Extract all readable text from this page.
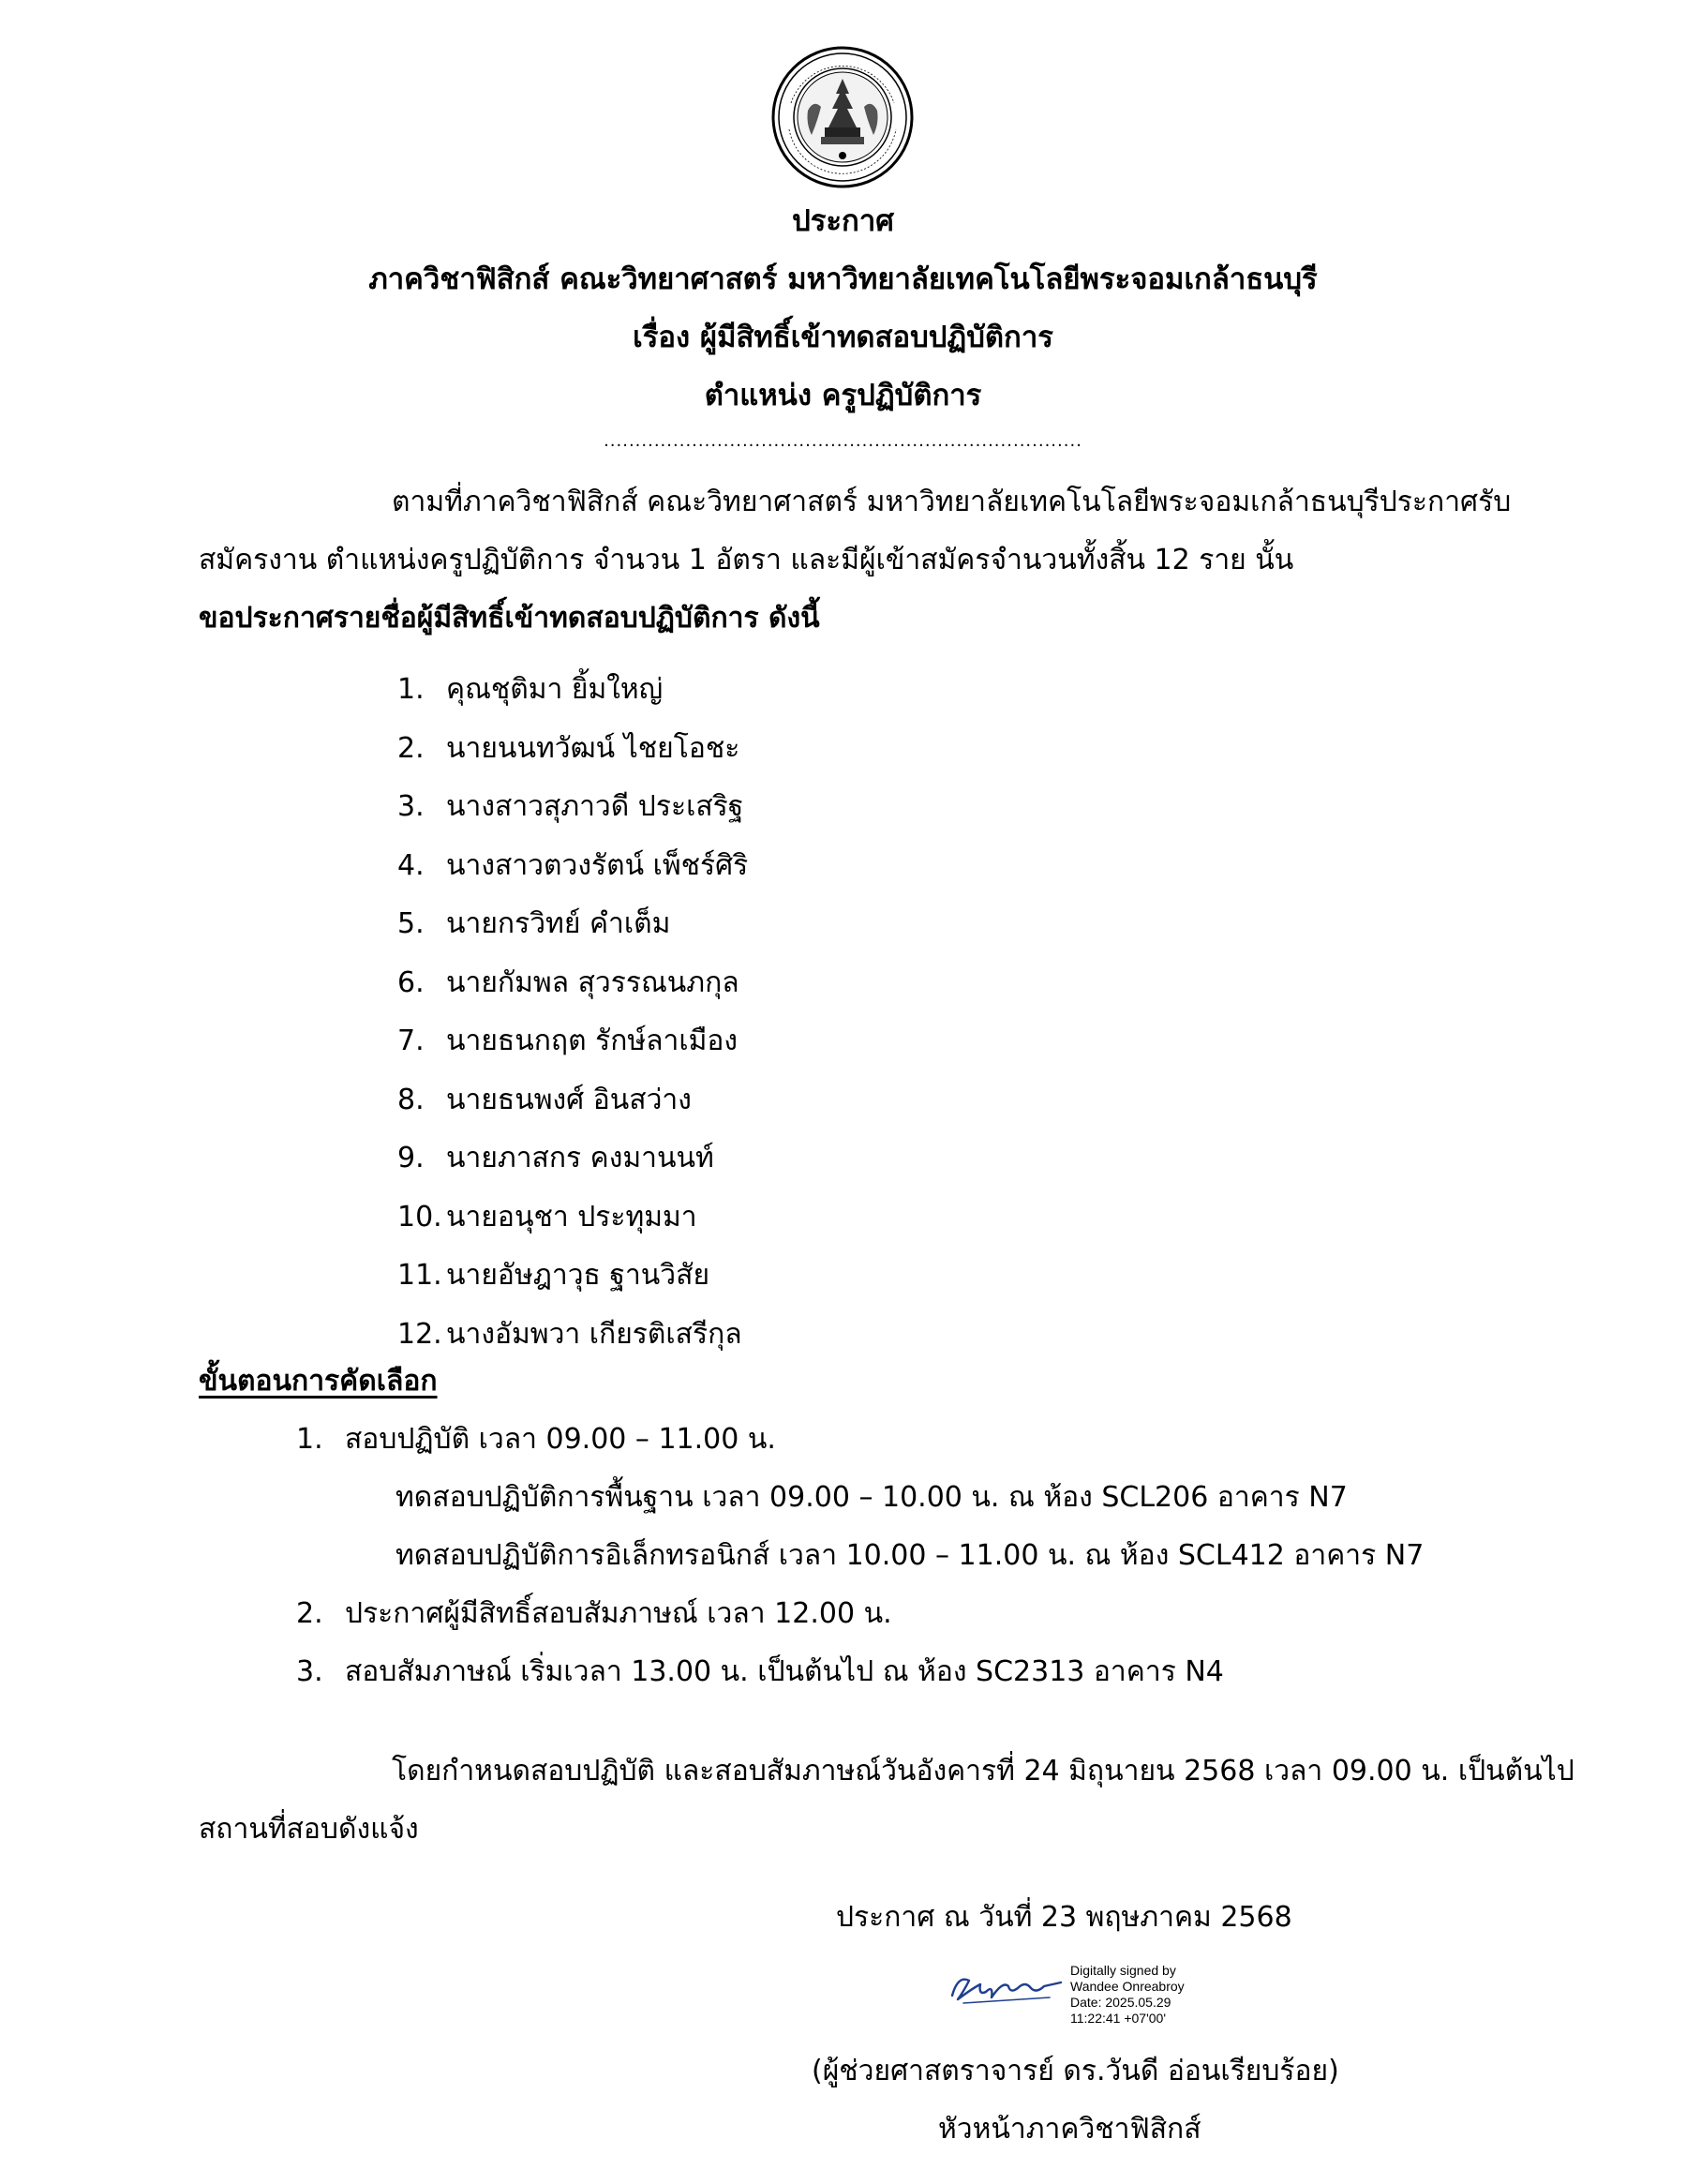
ประกาศ
ภาควิชาฟิสิกส์ คณะวิทยาศาสตร์ มหาวิทยาลัยเทคโนโลยีพระจอมเกล้าธนบุรี
เรื่อง ผู้มีสิทธิ์เข้าทดสอบปฏิบัติการ
ตำแหน่ง ครูปฏิบัติการ
............................................................................
ตามที่ภาควิชาฟิสิกส์ คณะวิทยาศาสตร์ มหาวิทยาลัยเทคโนโลยีพระจอมเกล้าธนบุรีประกาศรับ
สมัครงาน ตำแหน่งครูปฏิบัติการ จำนวน 1 อัตรา และมีผู้เข้าสมัครจำนวนทั้งสิ้น 12 ราย นั้น
ขอประกาศรายชื่อผู้มีสิทธิ์เข้าทดสอบปฏิบัติการ ดังนี้
1. คุณชุติมา ยิ้มใหญ่
2. นายนนทวัฒน์ ไชยโอชะ
3. นางสาวสุภาวดี ประเสริฐ
4. นางสาวตวงรัตน์ เพ็ชร์ศิริ
5. นายกรวิทย์ คำเต็ม
6. นายกัมพล สุวรรณนภกุล
7. นายธนกฤต รักษ์ลาเมือง
8. นายธนพงศ์ อินสว่าง
9. นายภาสกร คงมานนท์
10. นายอนุชา ประทุมมา
11. นายอัษฎาวุธ ฐานวิสัย
12. นางอัมพวา เกียรติเสรีกุล
ขั้นตอนการคัดเลือก
1. สอบปฏิบัติ เวลา 09.00 – 11.00 น.
ทดสอบปฏิบัติการพื้นฐาน เวลา 09.00 – 10.00 น. ณ ห้อง SCL206 อาคาร N7
ทดสอบปฏิบัติการอิเล็กทรอนิกส์ เวลา 10.00 – 11.00 น. ณ ห้อง SCL412 อาคาร N7
2. ประกาศผู้มีสิทธิ์สอบสัมภาษณ์ เวลา 12.00 น.
3. สอบสัมภาษณ์ เริ่มเวลา 13.00 น. เป็นต้นไป ณ ห้อง SC2313 อาคาร N4
โดยกำหนดสอบปฏิบัติ และสอบสัมภาษณ์วันอังคารที่ 24 มิถุนายน 2568 เวลา 09.00 น. เป็นต้นไป
สถานที่สอบดังแจ้ง
ประกาศ ณ วันที่ 23 พฤษภาคม 2568
Digitally signed by
Wandee Onreabroy
Date: 2025.05.29
11:22:41 +07'00'
(ผู้ช่วยศาสตราจารย์ ดร.วันดี อ่อนเรียบร้อย)
หัวหน้าภาควิชาฟิสิกส์
